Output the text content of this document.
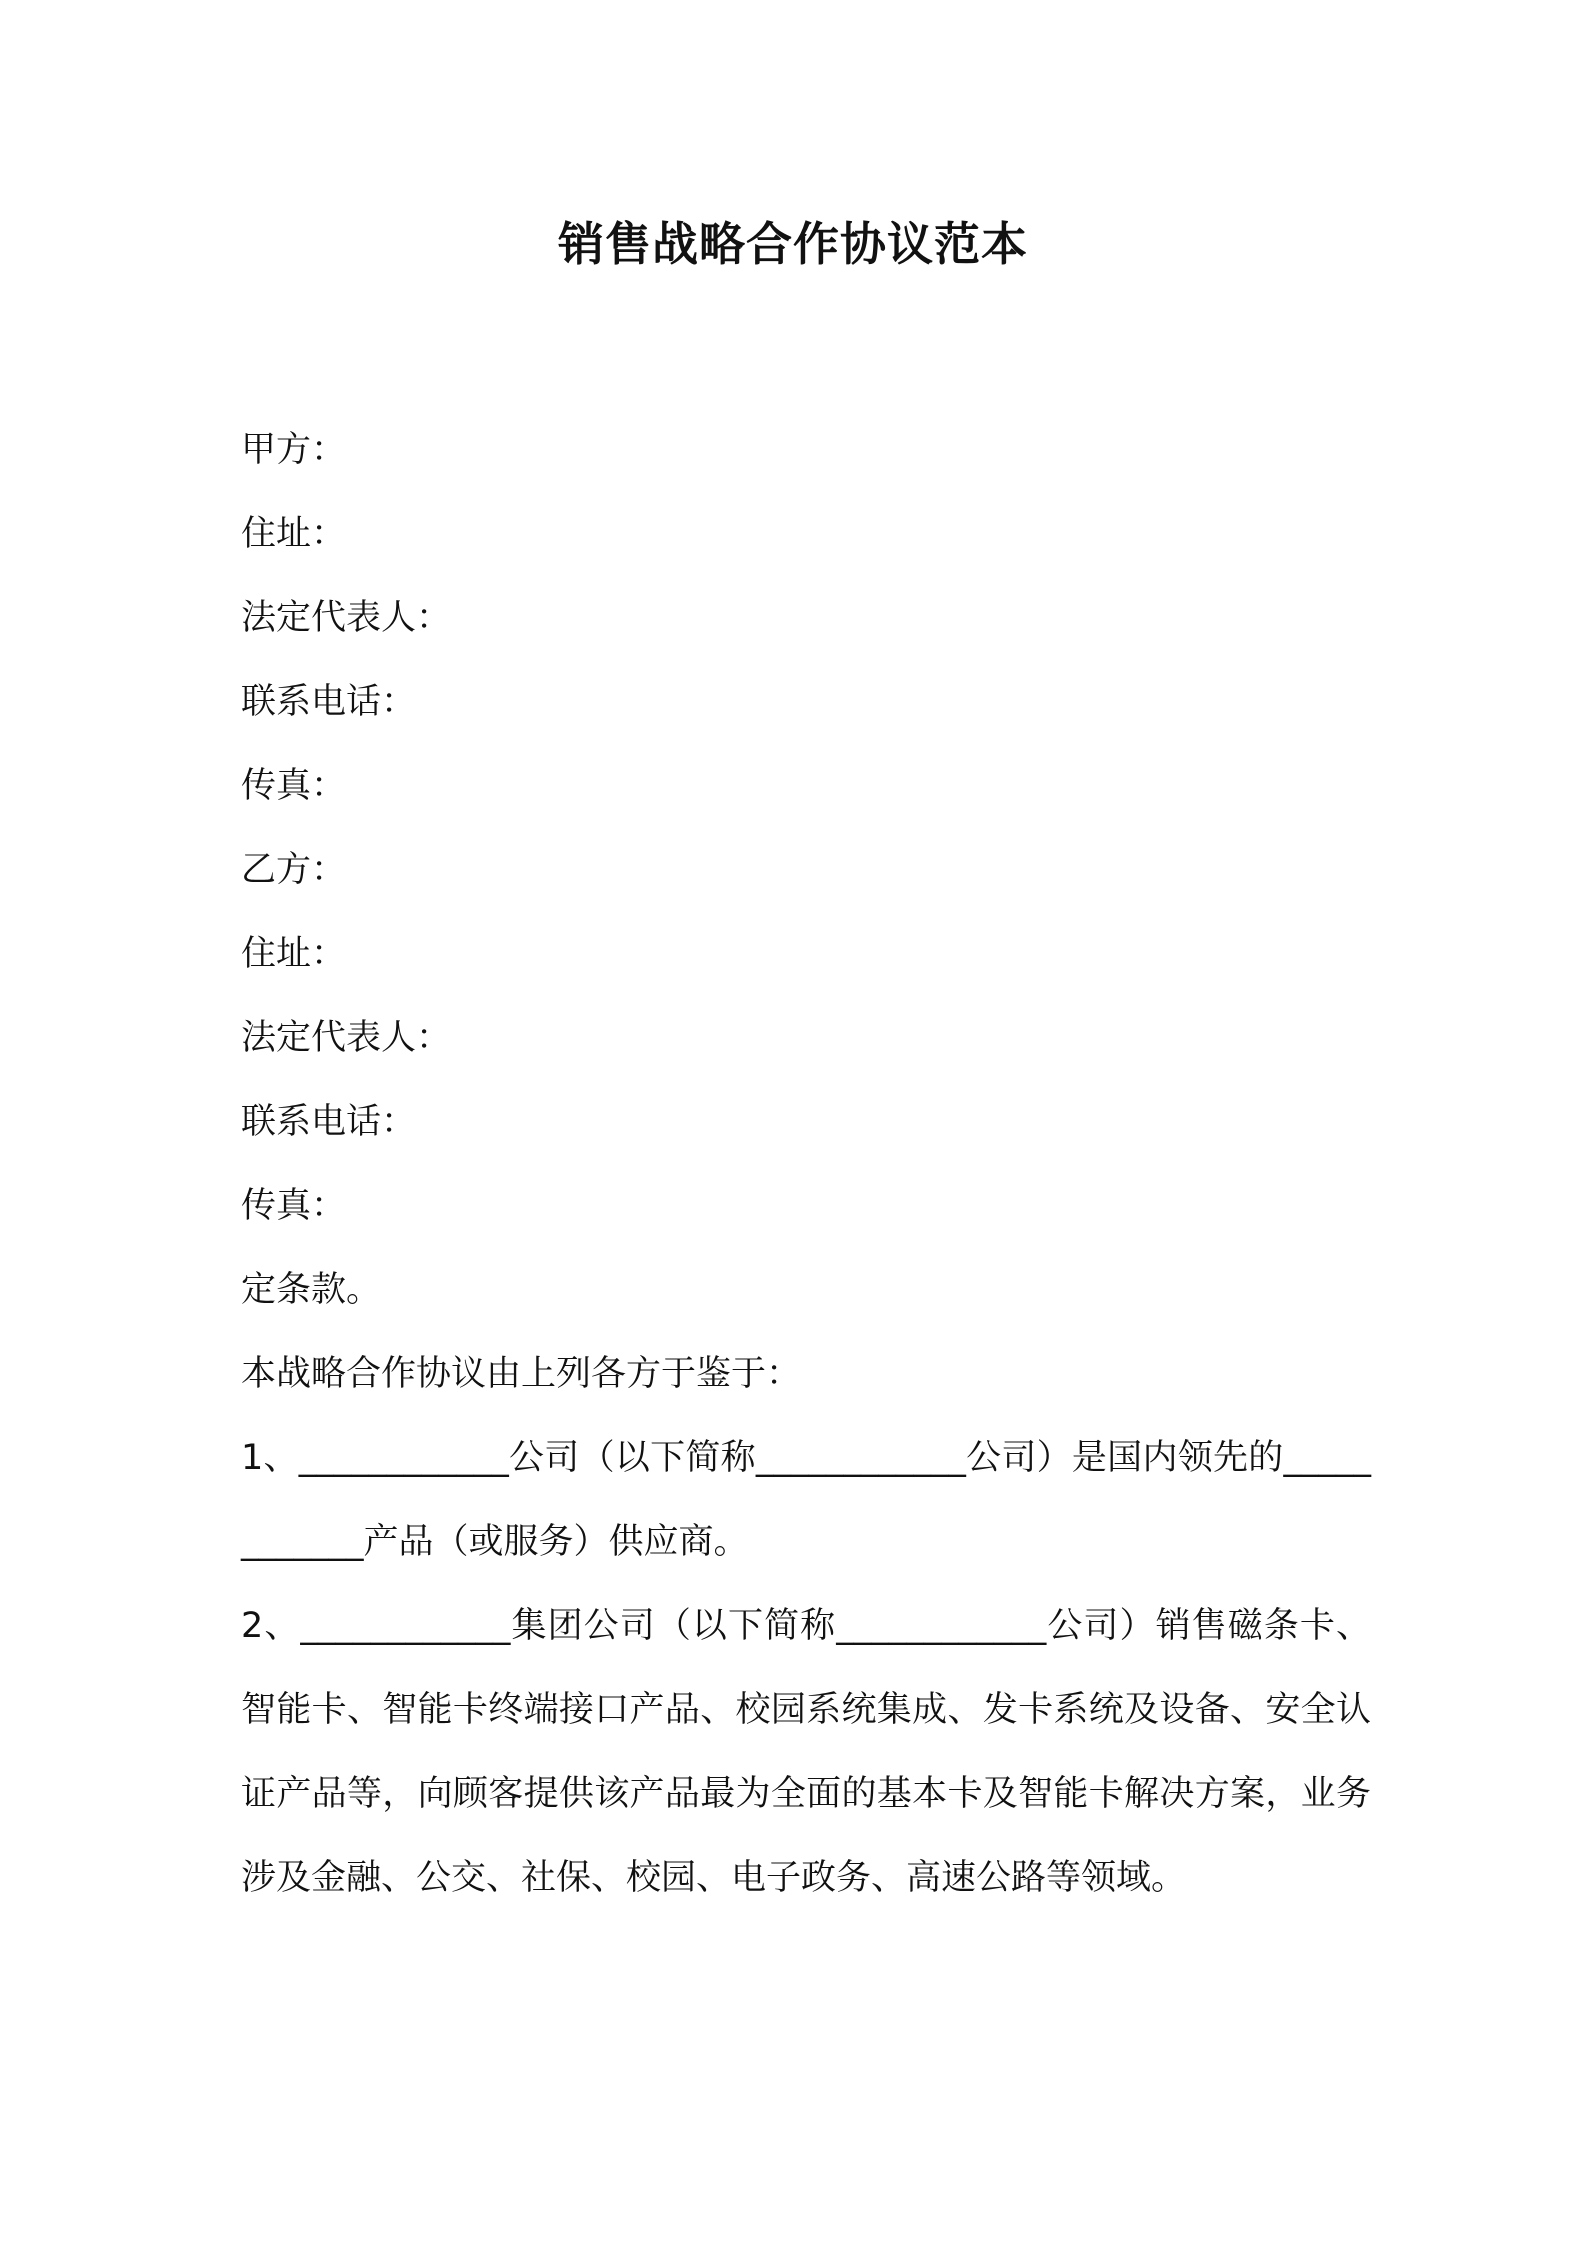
销售战略合作协议范本
甲方：
住址：
法定代表人：
联系电话：
传真：
乙方：
住址：
法定代表人：
联系电话：
传真：
定条款。
本战略合作协议由上列各方于鉴于：
1、____________公司（以下简称____________公司）是国内领先的____________产品（或服务）供应商。
2、____________集团公司（以下简称____________公司）销售磁条卡、智能卡、智能卡终端接口产品、校园系统集成、发卡系统及设备、安全认证产品等，向顾客提供该产品最为全面的基本卡及智能卡解决方案，业务涉及金融、公交、社保、校园、电子政务、高速公路等领域。
